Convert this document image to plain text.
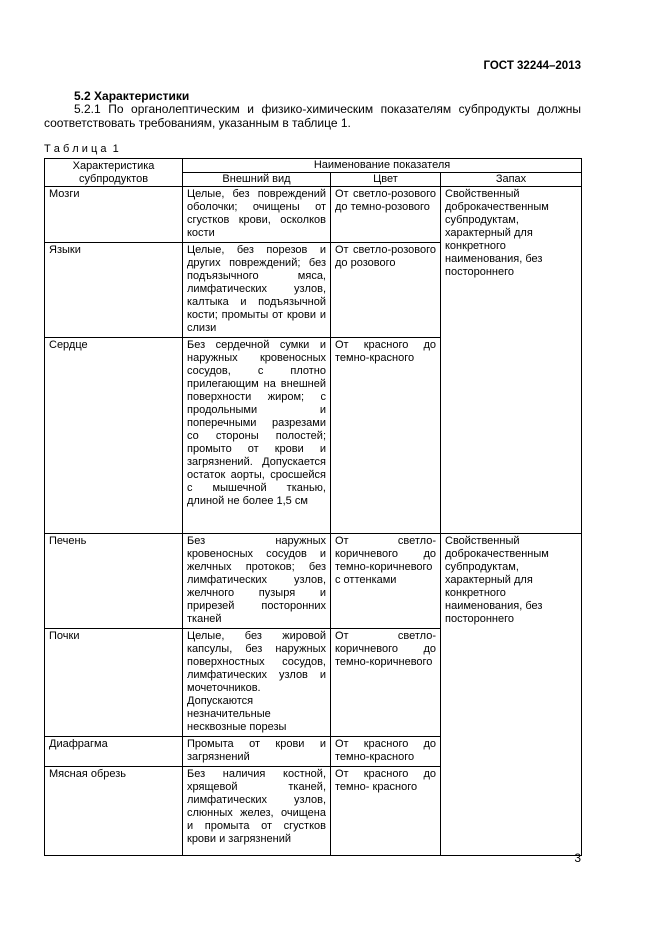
ГОСТ 32244–2013
5.2 Характеристики

5.2.1 По органолептическим и физико-химическим показателям субпродукты должны соответствовать требованиям, указанным в таблице 1.

Т а б л и ц а  1
Характеристика субпродуктов	Наименование показателя		
	Внешний вид	Цвет	Запах
Мозги	Целые, без повреждений оболочки; очищены от сгустков крови, осколков кости	От светло-розового до темно-розового	Свойственный доброкачественным субпродуктам, характерный для конкретного наименования, без постороннего
Языки	Целые, без порезов и других повреждений; без подъязычного мяса, лимфатических узлов, калтыка и подъязычной кости; промыты от крови и слизи	От светло-розового до розового	
Сердце	Без сердечной сумки и наружных кровеносных сосудов, с плотно прилегающим на внешней поверхности жиром; с продольными и поперечными разрезами со стороны полостей; промыто от крови и загрязнений. Допускается остаток аорты, сросшейся с мышечной тканью, длиной не более 1,5 см	От красного до темно-красного	
Печень	Без наружных кровеносных сосудов и желчных протоков; без лимфатических узлов, желчного пузыря и прирезей посторонних тканей	От светло-коричневого до темно-коричневого с оттенками	Свойственный доброкачественным субпродуктам, характерный для конкретного наименования, без постороннего
Почки	Целые, без жировой капсулы, без наружных поверхностных сосудов, лимфатических узлов и мочеточников. Допускаются незначительные несквозные порезы	От светло-коричневого до темно-коричневого	
Диафрагма	Промыта от крови и загрязнений	От красного до темно-красного	
Мясная обрезь	Без наличия костной, хрящевой тканей, лимфатических узлов, слюнных желез, очищена и промыта от сгустков крови и загрязнений	От красного до темно- красного	
3
